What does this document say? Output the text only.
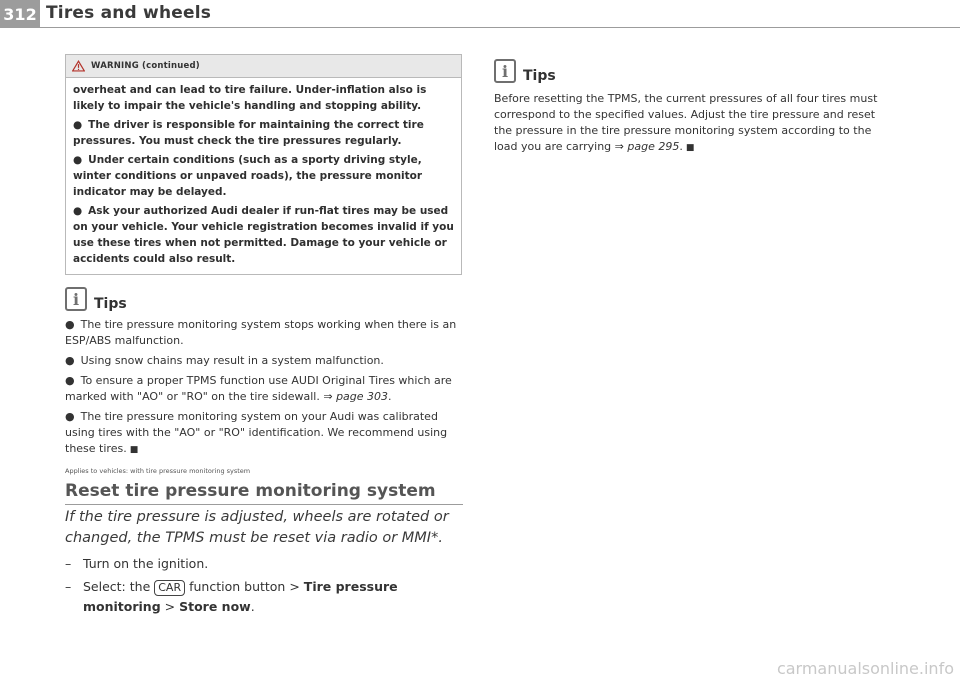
312 Tires and wheels
WARNING (continued)

overheat and can lead to tire failure. Under-inflation also is likely to impair the vehicle's handling and stopping ability.

● The driver is responsible for maintaining the correct tire pressures. You must check the tire pressures regularly.

● Under certain conditions (such as a sporty driving style, winter conditions or unpaved roads), the pressure monitor indicator may be delayed.

● Ask your authorized Audi dealer if run-flat tires may be used on your vehicle. Your vehicle registration becomes invalid if you use these tires when not permitted. Damage to your vehicle or accidents could also result.

i	Tips
● The tire pressure monitoring system stops working when there is an ESP/ABS malfunction.
● Using snow chains may result in a system malfunction.
● To ensure a proper TPMS function use AUDI Original Tires which are marked with "AO" or "RO" on the tire sidewall. ⇒ page 303.
● The tire pressure monitoring system on your Audi was calibrated using tires with the "AO" or "RO" identification. We recommend using these tires. ■
Applies to vehicles: with tire pressure monitoring system
Reset tire pressure monitoring system
If the tire pressure is adjusted, wheels are rotated or changed, the TPMS must be reset via radio or MMI*.
– Turn on the ignition.
– Select: the CAR function button > Tire pressure monitoring > Store now.
i	Tips

Before resetting the TPMS, the current pressures of all four tires must correspond to the specified values. Adjust the tire pressure and reset the pressure in the tire pressure monitoring system according to the load you are carrying ⇒ page 295. ■

carmanualsonline.info
